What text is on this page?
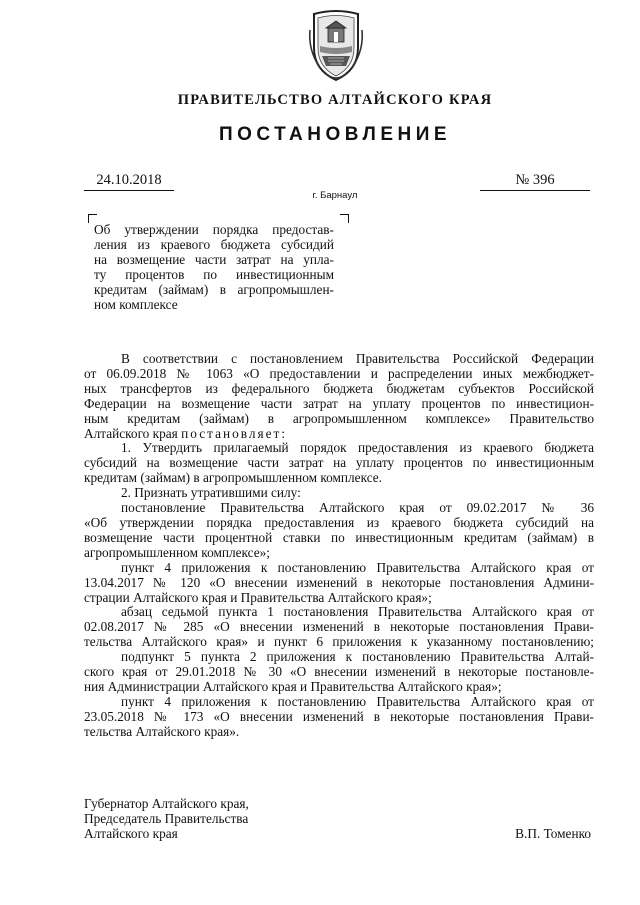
ПРАВИТЕЛЬСТВО АЛТАЙСКОГО КРАЯ
ПОСТАНОВЛЕНИЕ
24.10.2018	№ 396
г. Барнаул
Об утверждении порядка предостав-
ления из краевого бюджета субсидий
на возмещение части затрат на упла-
ту процентов по инвестиционным
кредитам (займам) в агропромышлен-
ном комплексе
В соответствии с постановлением Правительства Российской Федерации
от 06.09.2018 № 1063 «О предоставлении и распределении иных межбюджет-
ных трансфертов из федерального бюджета бюджетам субъектов Российской
Федерации на возмещение части затрат на уплату процентов по инвестицион-
ным кредитам (займам) в агропромышленном комплексе» Правительство
Алтайского края постановляет:
1. Утвердить прилагаемый порядок предоставления из краевого бюджета
субсидий на возмещение части затрат на уплату процентов по инвестиционным
кредитам (займам) в агропромышленном комплексе.
2. Признать утратившими силу:
постановление Правительства Алтайского края от 09.02.2017 № 36
«Об утверждении порядка предоставления из краевого бюджета субсидий на
возмещение части процентной ставки по инвестиционным кредитам (займам) в
агропромышленном комплексе»;
пункт 4 приложения к постановлению Правительства Алтайского края от
13.04.2017 № 120 «О внесении изменений в некоторые постановления Админи-
страции Алтайского края и Правительства Алтайского края»;
абзац седьмой пункта 1 постановления Правительства Алтайского края от
02.08.2017 № 285 «О внесении изменений в некоторые постановления Прави-
тельства Алтайского края» и пункт 6 приложения к указанному постановлению;
подпункт 5 пункта 2 приложения к постановлению Правительства Алтай-
ского края от 29.01.2018 № 30 «О внесении изменений в некоторые постановле-
ния Администрации Алтайского края и Правительства Алтайского края»;
пункт 4 приложения к постановлению Правительства Алтайского края от
23.05.2018 № 173 «О внесении изменений в некоторые постановления Прави-
тельства Алтайского края».
Губернатор Алтайского края,
Председатель Правительства
Алтайского края	В.П. Томенко
